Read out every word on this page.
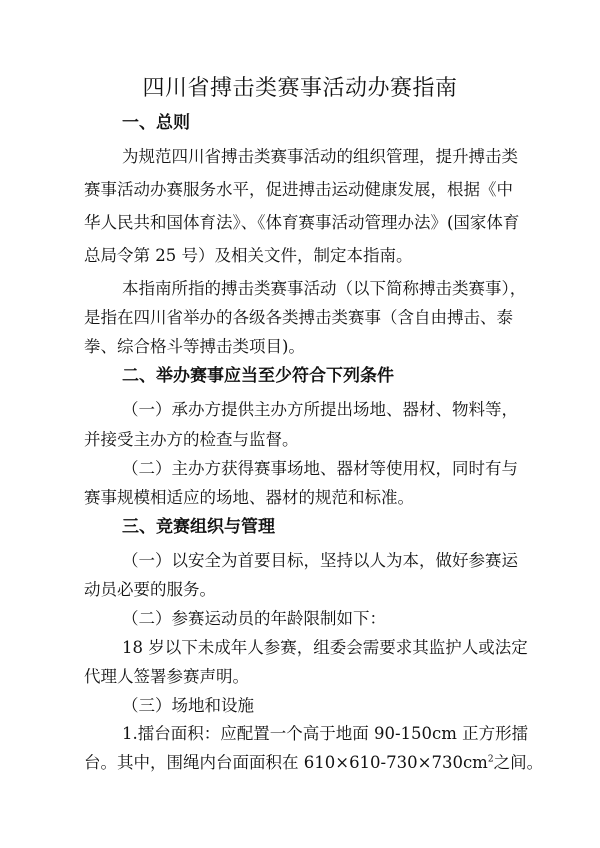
四川省搏击类赛事活动办赛指南
一、总则
为规范四川省搏击类赛事活动的组织管理，提升搏击类
赛事活动办赛服务水平，促进搏击运动健康发展，根据《中
华人民共和国体育法》、《体育赛事活动管理办法》(国家体育
总局令第 25 号）及相关文件，制定本指南。
本指南所指的搏击类赛事活动（以下简称搏击类赛事），
是指在四川省举办的各级各类搏击类赛事（含自由搏击、泰
拳、综合格斗等搏击类项目)。
二、举办赛事应当至少符合下列条件
（一）承办方提供主办方所提出场地、器材、物料等，
并接受主办方的检查与监督。
（二）主办方获得赛事场地、器材等使用权，同时有与
赛事规模相适应的场地、器材的规范和标准。
三、竞赛组织与管理
（一）以安全为首要目标，坚持以人为本，做好参赛运
动员必要的服务。
（二）参赛运动员的年龄限制如下：
18 岁以下未成年人参赛，组委会需要求其监护人或法定
代理人签署参赛声明。
（三）场地和设施
1.擂台面积：应配置一个高于地面 90-150cm 正方形擂
台。其中，围绳内台面面积在 $610\times 610-730\times 730cm^2$之间。
